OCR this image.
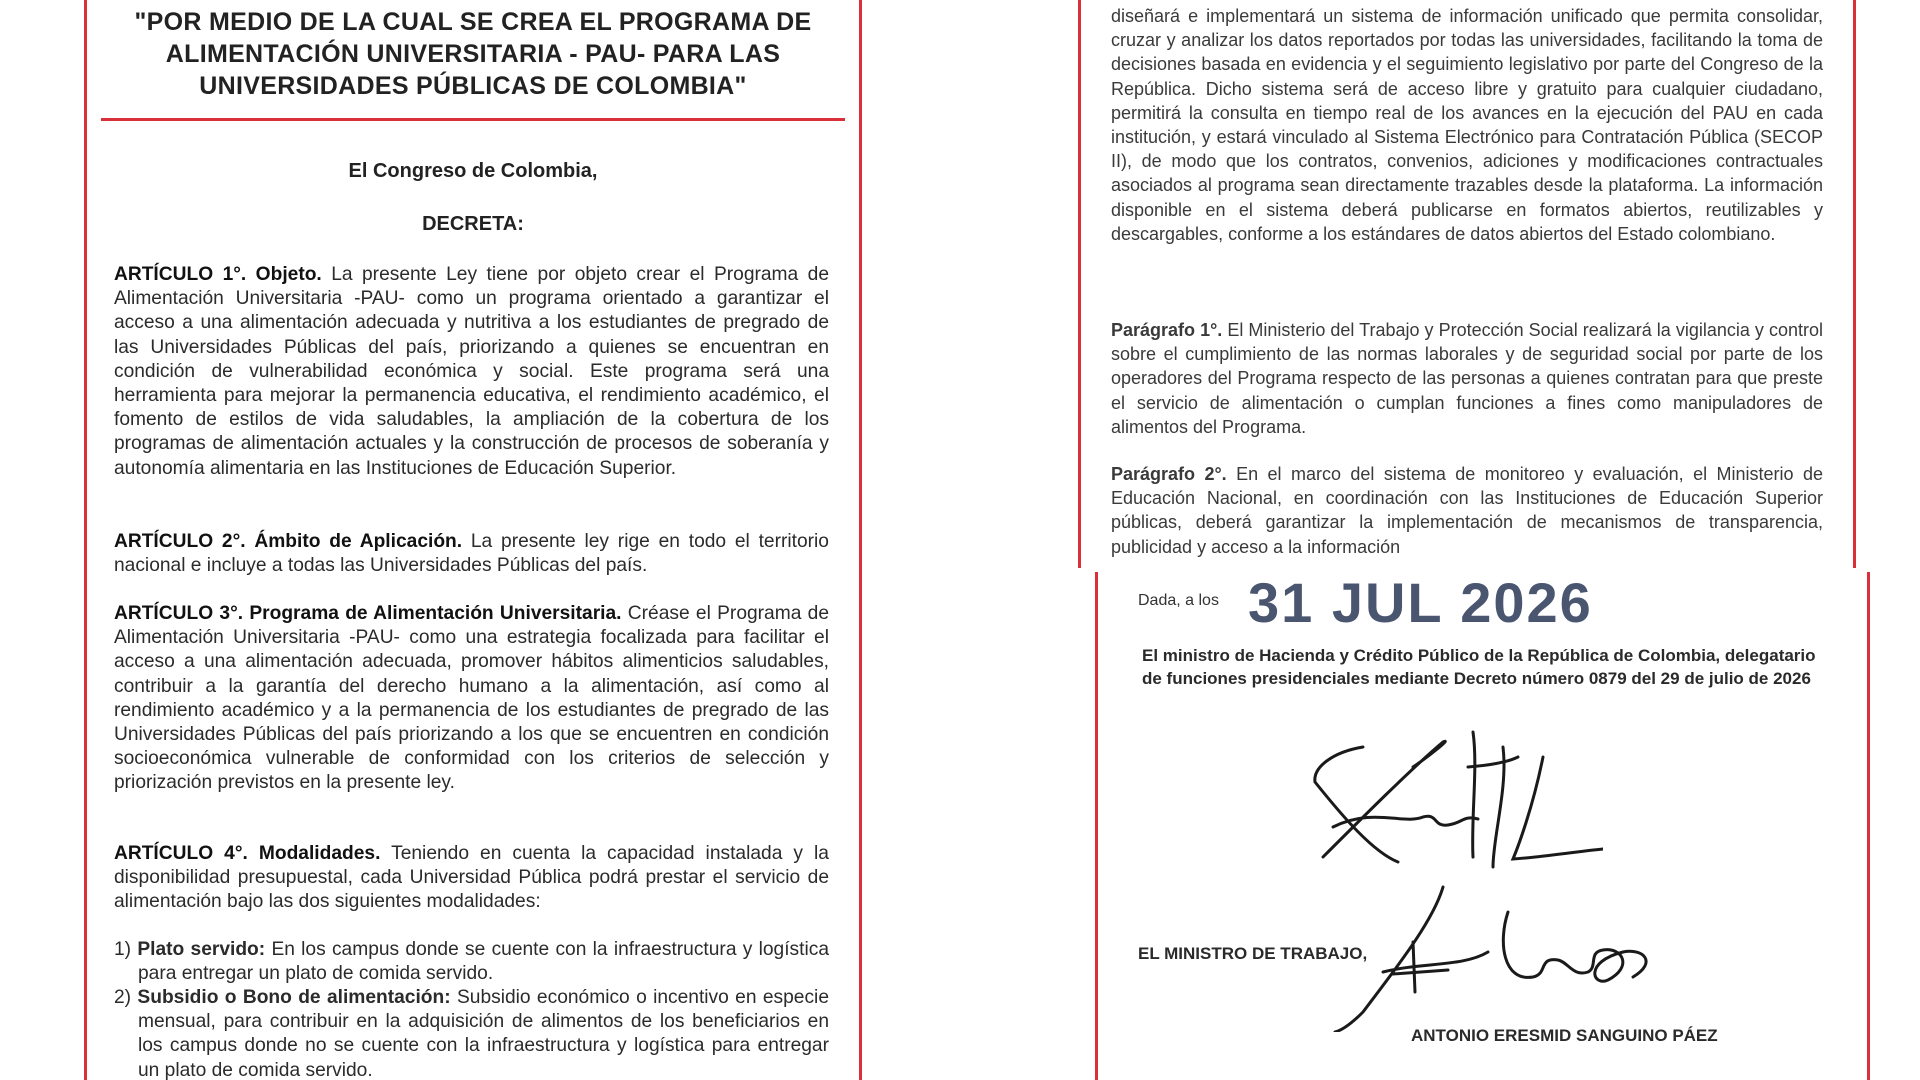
"POR MEDIO DE LA CUAL SE CREA EL PROGRAMA DE
ALIMENTACIÓN UNIVERSITARIA - PAU- PARA LAS
UNIVERSIDADES PÚBLICAS DE COLOMBIA"
El Congreso de Colombia,
DECRETA:
ARTÍCULO 1°. Objeto. La presente Ley tiene por objeto crear el Programa de Alimentación Universitaria -PAU- como un programa orientado a garantizar el acceso a una alimentación adecuada y nutritiva a los estudiantes de pregrado de las Universidades Públicas del país, priorizando a quienes se encuentran en condición de vulnerabilidad económica y social. Este programa será una herramienta para mejorar la permanencia educativa, el rendimiento académico, el fomento de estilos de vida saludables, la ampliación de la cobertura de los programas de alimentación actuales y la construcción de procesos de soberanía y autonomía alimentaria en las Instituciones de Educación Superior.
ARTÍCULO 2°. Ámbito de Aplicación. La presente ley rige en todo el territorio nacional e incluye a todas las Universidades Públicas del país.
ARTÍCULO 3°. Programa de Alimentación Universitaria. Créase el Programa de Alimentación Universitaria -PAU- como una estrategia focalizada para facilitar el acceso a una alimentación adecuada, promover hábitos alimenticios saludables, contribuir a la garantía del derecho humano a la alimentación, así como al rendimiento académico y a la permanencia de los estudiantes de pregrado de las Universidades Públicas del país priorizando a los que se encuentren en condición socioeconómica vulnerable de conformidad con los criterios de selección y priorización previstos en la presente ley.
ARTÍCULO 4°. Modalidades. Teniendo en cuenta la capacidad instalada y la disponibilidad presupuestal, cada Universidad Pública podrá prestar el servicio de alimentación bajo las dos siguientes modalidades:
1) Plato servido: En los campus donde se cuente con la infraestructura y logística para entregar un plato de comida servido.
2) Subsidio o Bono de alimentación: Subsidio económico o incentivo en especie mensual, para contribuir en la adquisición de alimentos de los beneficiarios en los campus donde no se cuente con la infraestructura y logística para entregar un plato de comida servido.
diseñará e implementará un sistema de información unificado que permita consolidar, cruzar y analizar los datos reportados por todas las universidades, facilitando la toma de decisiones basada en evidencia y el seguimiento legislativo por parte del Congreso de la República. Dicho sistema será de acceso libre y gratuito para cualquier ciudadano, permitirá la consulta en tiempo real de los avances en la ejecución del PAU en cada institución, y estará vinculado al Sistema Electrónico para Contratación Pública (SECOP II), de modo que los contratos, convenios, adiciones y modificaciones contractuales asociados al programa sean directamente trazables desde la plataforma. La información disponible en el sistema deberá publicarse en formatos abiertos, reutilizables y descargables, conforme a los estándares de datos abiertos del Estado colombiano.
Parágrafo 1°. El Ministerio del Trabajo y Protección Social realizará la vigilancia y control sobre el cumplimiento de las normas laborales y de seguridad social por parte de los operadores del Programa respecto de las personas a quienes contratan para que preste el servicio de alimentación o cumplan funciones a fines como manipuladores de alimentos del Programa.
Parágrafo 2°. En el marco del sistema de monitoreo y evaluación, el Ministerio de Educación Nacional, en coordinación con las Instituciones de Educación Superior públicas, deberá garantizar la implementación de mecanismos de transparencia, publicidad y acceso a la información
Dada, a los 31 JUL 2026
El ministro de Hacienda y Crédito Público de la República de Colombia, delegatario de funciones presidenciales mediante Decreto número 0879 del 29 de julio de 2026
EL MINISTRO DE TRABAJO,
ANTONIO ERESMID SANGUINO PÁEZ
